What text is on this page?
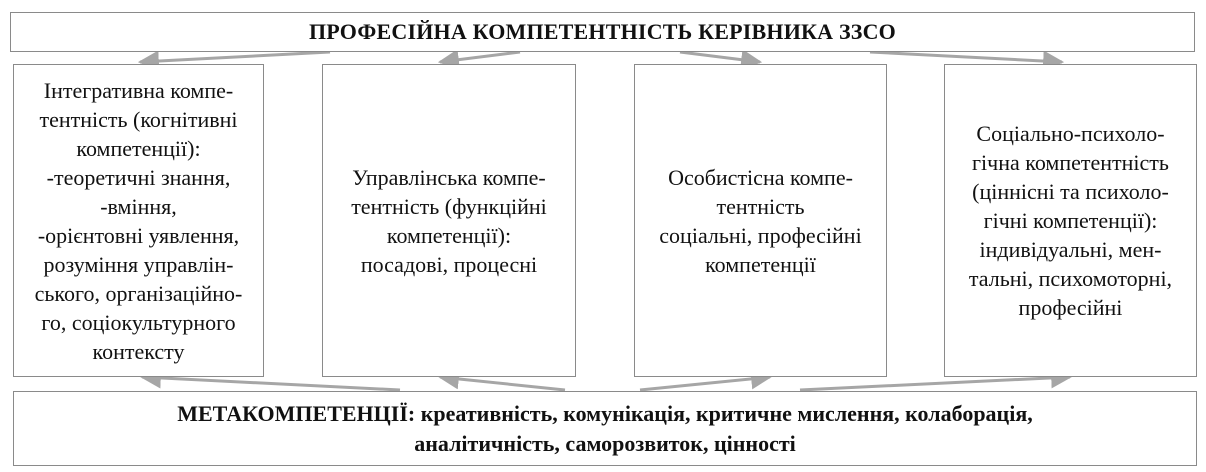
ПРОФЕСІЙНА КОМПЕТЕНТНІСТЬ КЕРІВНИКА ЗЗСО
Інтегративна компе-
тентність (когнітивні
компетенції):
-теоретичні знання,
-вміння,
-орієнтовні уявлення,
розуміння управлін-
ського, організаційно-
го, соціокультурного
контексту
Управлінська компе-
тентність (функційні
компетенції):
посадові, процесні
Особистісна компе-
тентність
соціальні, професійні
компетенції
Соціально-психоло-
гічна компетентність
(ціннісні та психоло-
гічні компетенції):
індивідуальні, мен-
тальні, психомоторні,
професійні
МЕТАКОМПЕТЕНЦІЇ: креативність, комунікація, критичне мислення, колаборація,
аналітичність, саморозвиток, цінності
